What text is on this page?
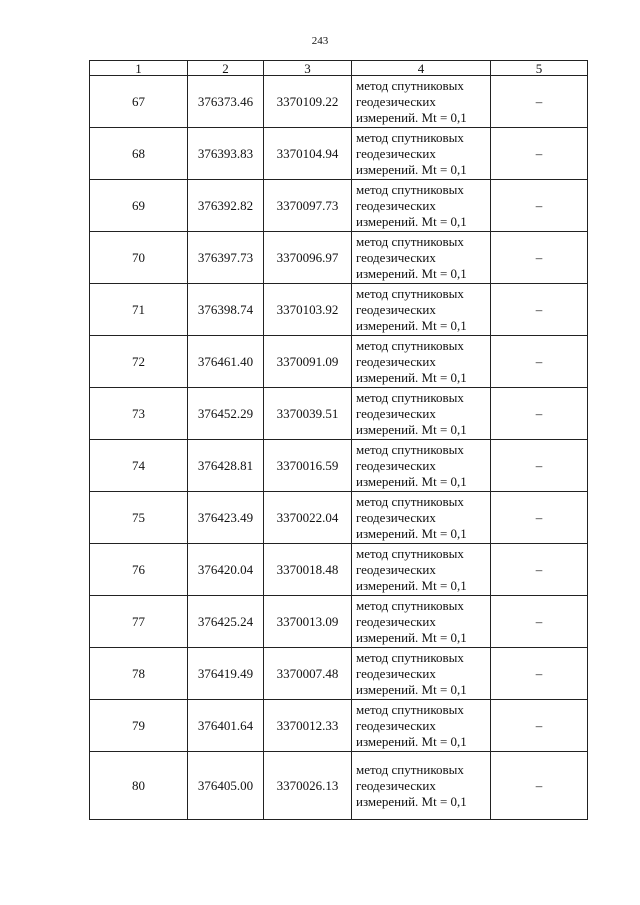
243
1	2	3	4	5
67	376373.46	3370109.22	метод спутниковых
геодезических
измерений. Mt = 0,1	–
68	376393.83	3370104.94	метод спутниковых
геодезических
измерений. Mt = 0,1	–
69	376392.82	3370097.73	метод спутниковых
геодезических
измерений. Mt = 0,1	–
70	376397.73	3370096.97	метод спутниковых
геодезических
измерений. Mt = 0,1	–
71	376398.74	3370103.92	метод спутниковых
геодезических
измерений. Mt = 0,1	–
72	376461.40	3370091.09	метод спутниковых
геодезических
измерений. Mt = 0,1	–
73	376452.29	3370039.51	метод спутниковых
геодезических
измерений. Mt = 0,1	–
74	376428.81	3370016.59	метод спутниковых
геодезических
измерений. Mt = 0,1	–
75	376423.49	3370022.04	метод спутниковых
геодезических
измерений. Mt = 0,1	–
76	376420.04	3370018.48	метод спутниковых
геодезических
измерений. Mt = 0,1	–
77	376425.24	3370013.09	метод спутниковых
геодезических
измерений. Mt = 0,1	–
78	376419.49	3370007.48	метод спутниковых
геодезических
измерений. Mt = 0,1	–
79	376401.64	3370012.33	метод спутниковых
геодезических
измерений. Mt = 0,1	–
80	376405.00	3370026.13	метод спутниковых
геодезических
измерений. Mt = 0,1	–
